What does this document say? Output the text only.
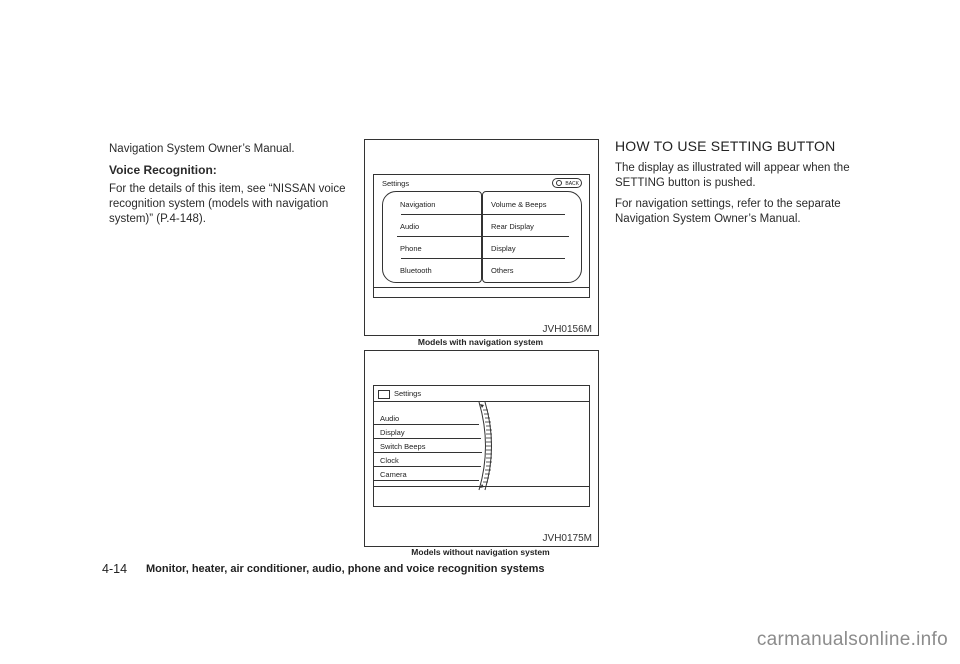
Navigation System Owner’s Manual.
Voice Recognition:
For the details of this item, see “NISSAN voice
recognition system (models with navigation
system)” (P.4-148).
Settings	BACK
Navigation
Audio
Phone
Bluetooth
Volume & Beeps
Rear Display
Display
Others
JVH0156M
Models with navigation system
Settings
Audio
Display
Switch Beeps
Clock
Camera
JVH0175M
Models without navigation system
HOW TO USE SETTING BUTTON
The display as illustrated will appear when the
SETTING button is pushed.
For navigation settings, refer to the separate
Navigation System Owner’s Manual.
4-14 Monitor, heater, air conditioner, audio, phone and voice recognition systems
carmanualsonline.info
